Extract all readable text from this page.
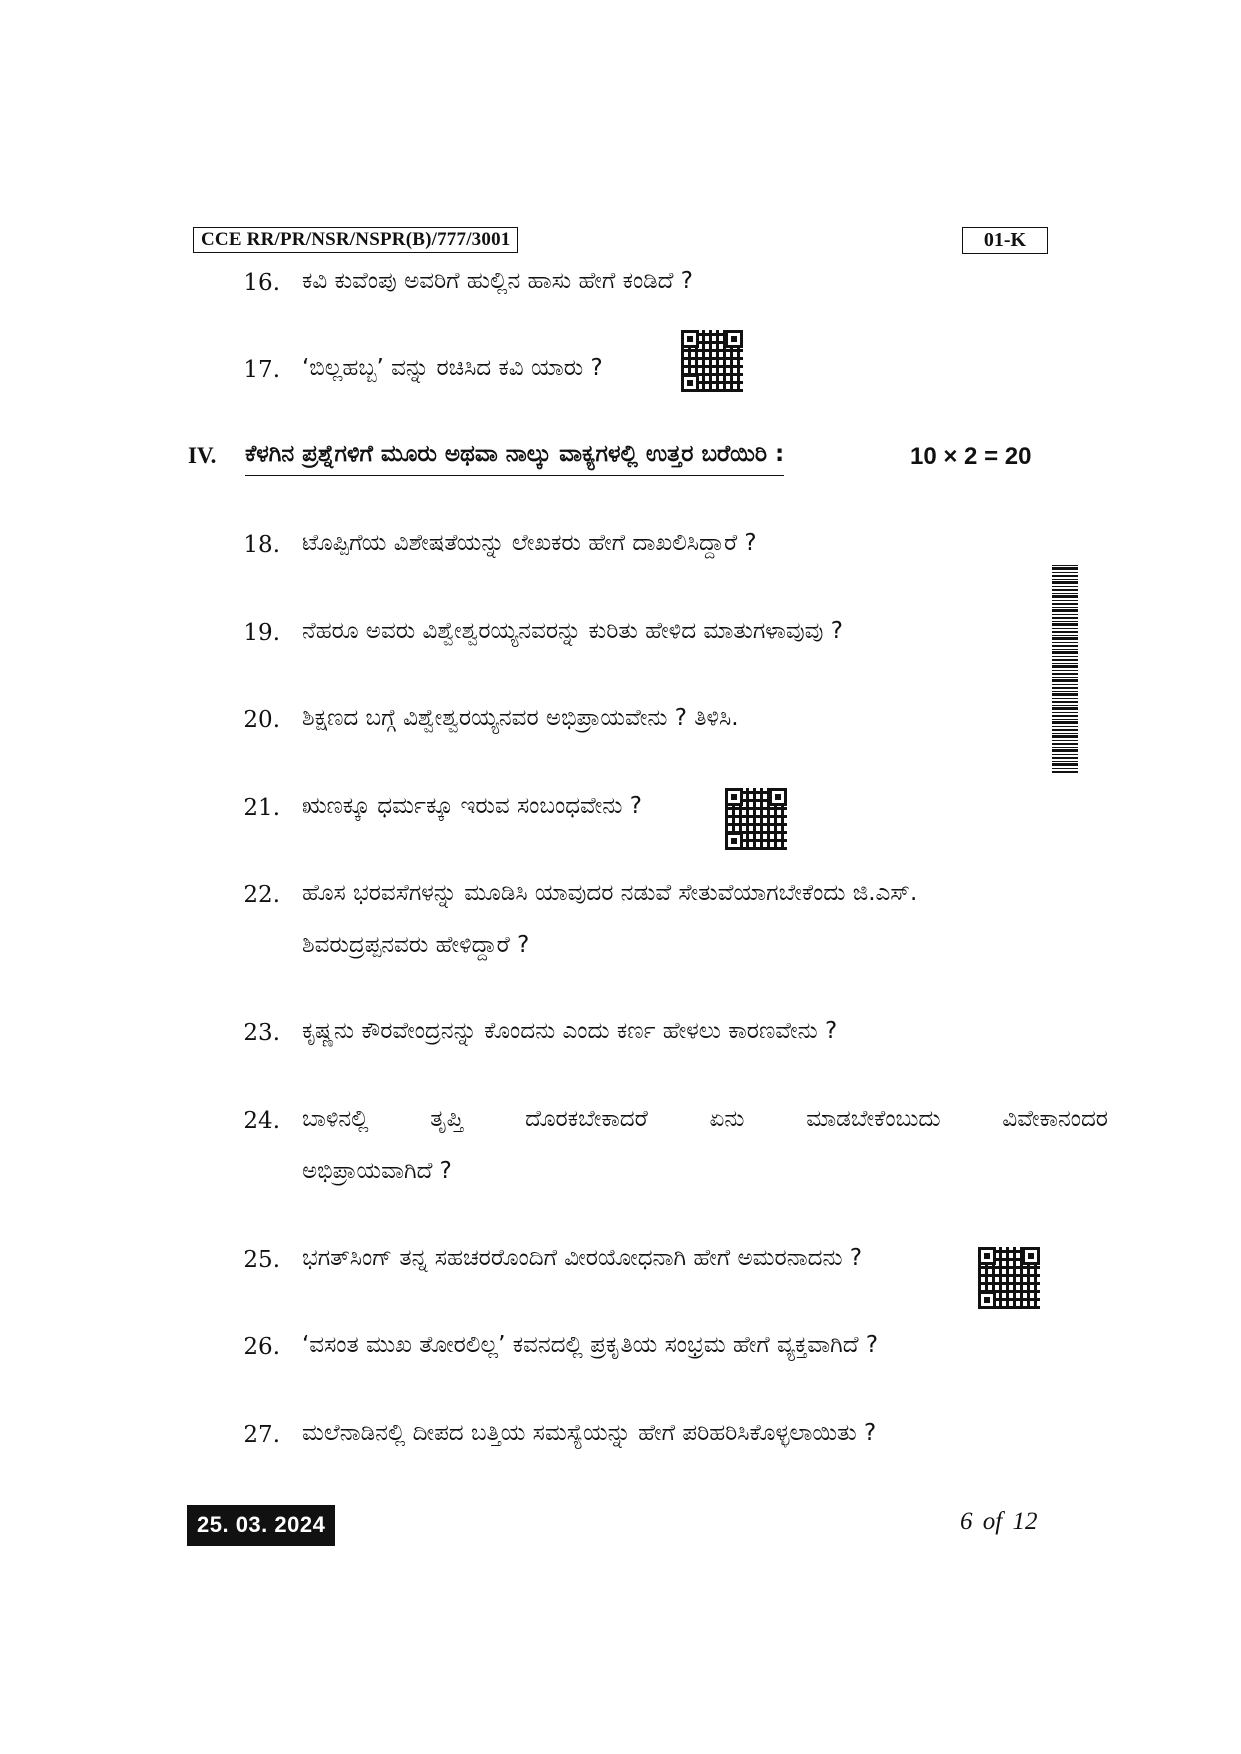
CCE RR/PR/NSR/NSPR(B)/777/3001	01-K
16. ಕವಿ ಕುವೆಂಪು ಅವರಿಗೆ ಹುಲ್ಲಿನ ಹಾಸು ಹೇಗೆ ಕಂಡಿದೆ ?
17. ‘ಬಿಲ್ಲಹಬ್ಬ’ ವನ್ನು ರಚಿಸಿದ ಕವಿ ಯಾರು ?
IV. ಕೆಳಗಿನ ಪ್ರಶ್ನೆಗಳಿಗೆ ಮೂರು ಅಥವಾ ನಾಲ್ಕು ವಾಕ್ಯಗಳಲ್ಲಿ ಉತ್ತರ ಬರೆಯಿರಿ :	10 × 2 = 20
18. ಟೊಪ್ಪಿಗೆಯ ವಿಶೇಷತೆಯನ್ನು ಲೇಖಕರು ಹೇಗೆ ದಾಖಲಿಸಿದ್ದಾರೆ ?
19. ನೆಹರೂ ಅವರು ವಿಶ್ವೇಶ್ವರಯ್ಯನವರನ್ನು ಕುರಿತು ಹೇಳಿದ ಮಾತುಗಳಾವುವು ?
20. ಶಿಕ್ಷಣದ ಬಗ್ಗೆ ವಿಶ್ವೇಶ್ವರಯ್ಯನವರ ಅಭಿಪ್ರಾಯವೇನು ? ತಿಳಿಸಿ.
21. ಋಣಕ್ಕೂ ಧರ್ಮಕ್ಕೂ ಇರುವ ಸಂಬಂಧವೇನು ?
22. ಹೊಸ ಭರವಸೆಗಳನ್ನು ಮೂಡಿಸಿ ಯಾವುದರ ನಡುವೆ ಸೇತುವೆಯಾಗಬೇಕೆಂದು ಜಿ.ಎಸ್.
ಶಿವರುದ್ರಪ್ಪನವರು ಹೇಳಿದ್ದಾರೆ ?
23. ಕೃಷ್ಣನು ಕೌರವೇಂದ್ರನನ್ನು ಕೊಂದನು ಎಂದು ಕರ್ಣ ಹೇಳಲು ಕಾರಣವೇನು ?
24. ಬಾಳಿನಲ್ಲಿ	ತೃಪ್ತಿ	ದೊರಕಬೇಕಾದರೆ	ಏನು	ಮಾಡಬೇಕೆಂಬುದು	ವಿವೇಕಾನಂದರ
ಅಭಿಪ್ರಾಯವಾಗಿದೆ ?
25. ಭಗತ್‌ಸಿಂಗ್ ತನ್ನ ಸಹಚರರೊಂದಿಗೆ ವೀರಯೋಧನಾಗಿ ಹೇಗೆ ಅಮರನಾದನು ?
26. ‘ವಸಂತ ಮುಖ ತೋರಲಿಲ್ಲ’ ಕವನದಲ್ಲಿ ಪ್ರಕೃತಿಯ ಸಂಭ್ರಮ ಹೇಗೆ ವ್ಯಕ್ತವಾಗಿದೆ ?
27. ಮಲೆನಾಡಿನಲ್ಲಿ ದೀಪದ ಬತ್ತಿಯ ಸಮಸ್ಯೆಯನ್ನು ಹೇಗೆ ಪರಿಹರಿಸಿಕೊಳ್ಳಲಾಯಿತು ?
25. 03. 2024	6 of 12
